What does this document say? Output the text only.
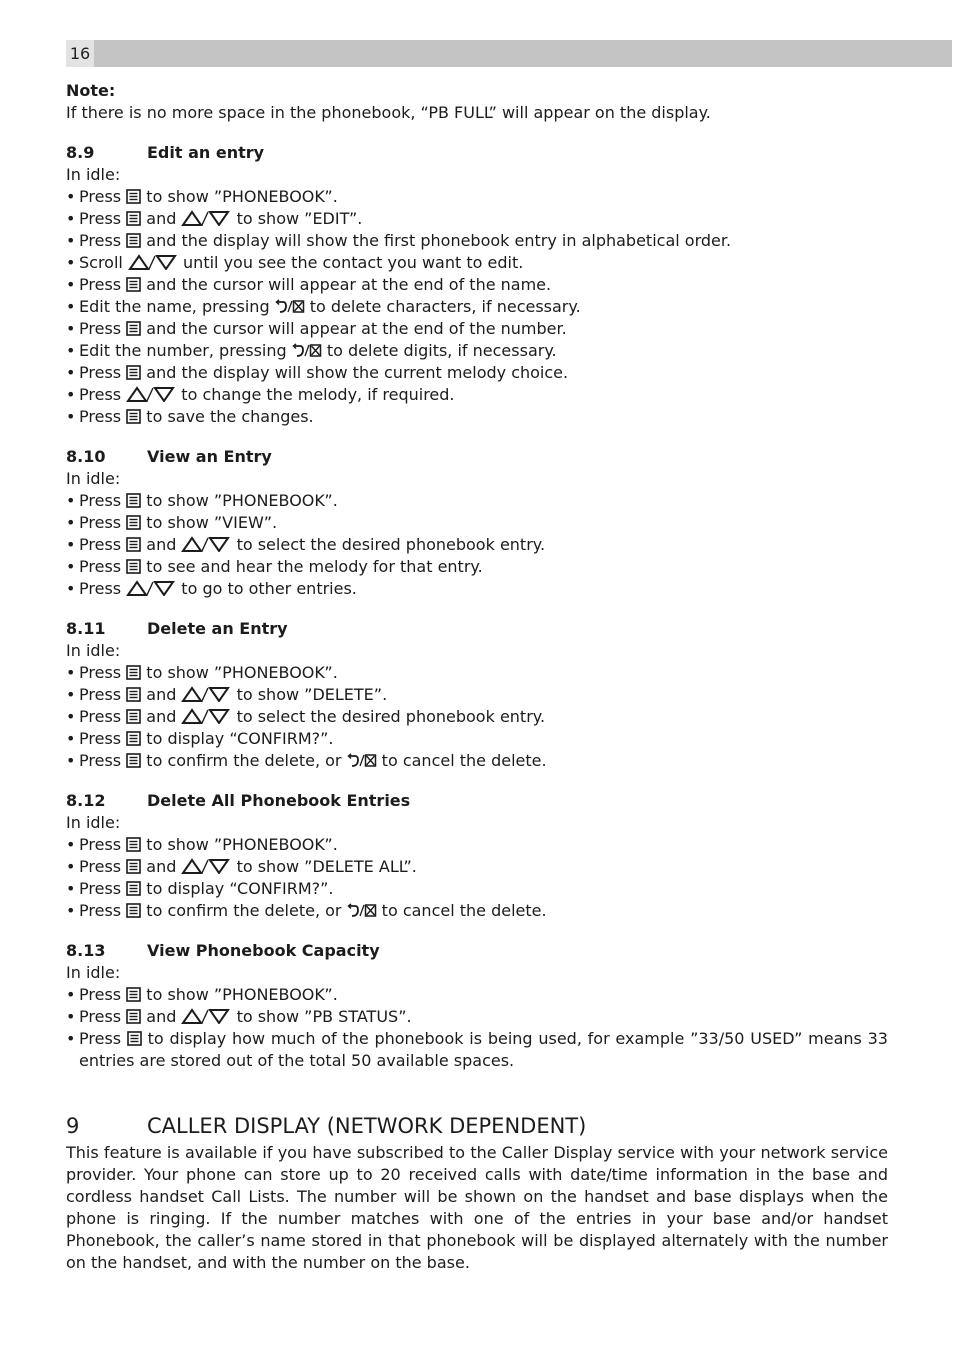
16
Note:
If there is no more space in the phonebook, “PB FULL” will appear on the display.
8.9	Edit an entry
In idle:
• Press  to show ”PHONEBOOK”.
• Press  and	to show ”EDIT”.
• Press  and the display will show the first phonebook entry in alphabetical order.
• Scroll	until you see the contact you want to edit.
• Press  and the cursor will appear at the end of the name.
• Edit the name, pressing  to delete characters, if necessary.
• Press  and the cursor will appear at the end of the number.
• Edit the number, pressing  to delete digits, if necessary.
• Press  and the display will show the current melody choice.
• Press	to change the melody, if required.
• Press  to save the changes.
8.10	View an Entry
In idle:
• Press  to show ”PHONEBOOK”.
• Press  to show ”VIEW”.
• Press  and	to select the desired phonebook entry.
• Press  to see and hear the melody for that entry.
• Press	to go to other entries.
8.11	Delete an Entry
In idle:
• Press  to show ”PHONEBOOK”.
• Press  and	to show ”DELETE”.
• Press  and	to select the desired phonebook entry.
• Press  to display “CONFIRM?”.
• Press  to confirm the delete, or  to cancel the delete.
8.12	Delete All Phonebook Entries
In idle:
• Press  to show ”PHONEBOOK”.
• Press  and	to show ”DELETE ALL”.
• Press  to display “CONFIRM?”.
• Press  to confirm the delete, or  to cancel the delete.
8.13	View Phonebook Capacity
In idle:
• Press  to show ”PHONEBOOK”.
• Press  and	to show ”PB STATUS”.
• Press  to display how much of the phonebook is being used, for example ”33/50 USED” means 33 entries are stored out of the total 50 available spaces.
9	CALLER DISPLAY (NETWORK DEPENDENT)
This feature is available if you have subscribed to the Caller Display service with your network service provider. Your phone can store up to 20 received calls with date/time information in the base and cordless handset Call Lists. The number will be shown on the handset and base displays when the phone is ringing. If the number matches with one of the entries in your base and/or handset Phonebook, the caller’s name stored in that phonebook will be displayed alternately with the number on the handset, and with the number on the base.
